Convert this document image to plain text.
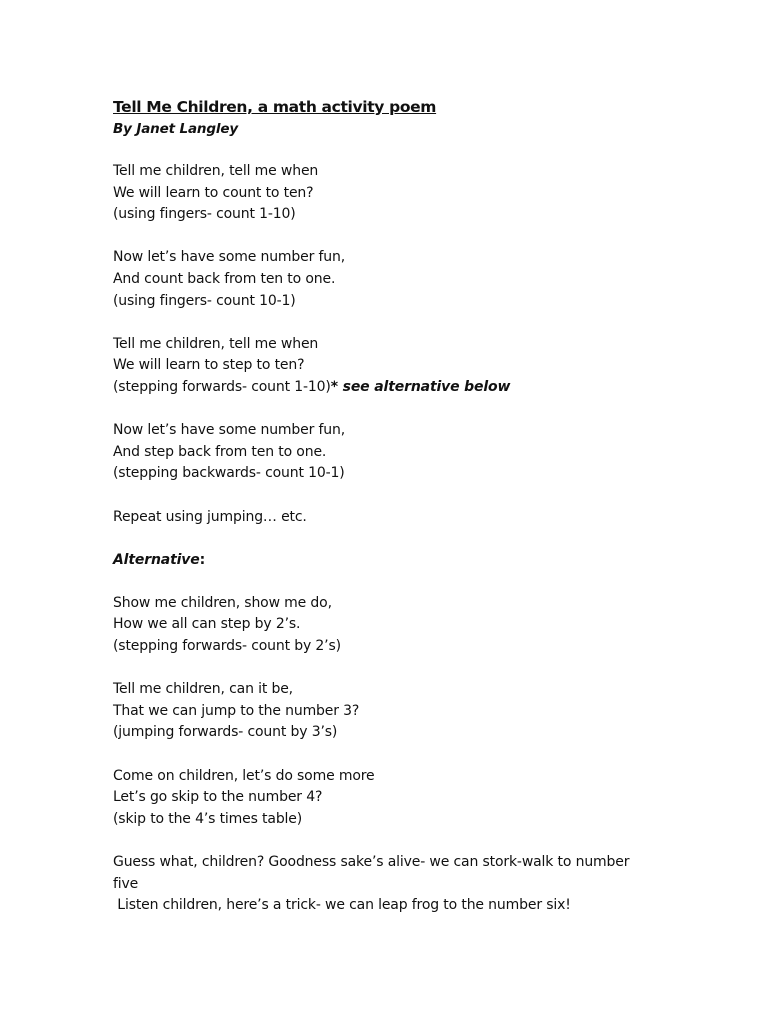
Tell Me Children, a math activity poem
By Janet Langley
Tell me children, tell me when
We will learn to count to ten?
(using fingers- count 1-10)
Now let’s have some number fun,
And count back from ten to one.
(using fingers- count 10-1)
Tell me children, tell me when
We will learn to step to ten?
(stepping forwards- count 1-10)* see alternative below
Now let’s have some number fun,
And step back from ten to one.
(stepping backwards- count 10-1)
Repeat using jumping… etc.
Alternative:
Show me children, show me do,
How we all can step by 2’s.
(stepping forwards- count by 2’s)
Tell me children, can it be,
That we can jump to the number 3?
(jumping forwards- count by 3’s)
Come on children, let’s do some more
Let’s go skip to the number 4?
(skip to the 4’s times table)
Guess what, children? Goodness sake’s alive- we can stork-walk to number five
Listen children, here’s a trick- we can leap frog to the number six!
